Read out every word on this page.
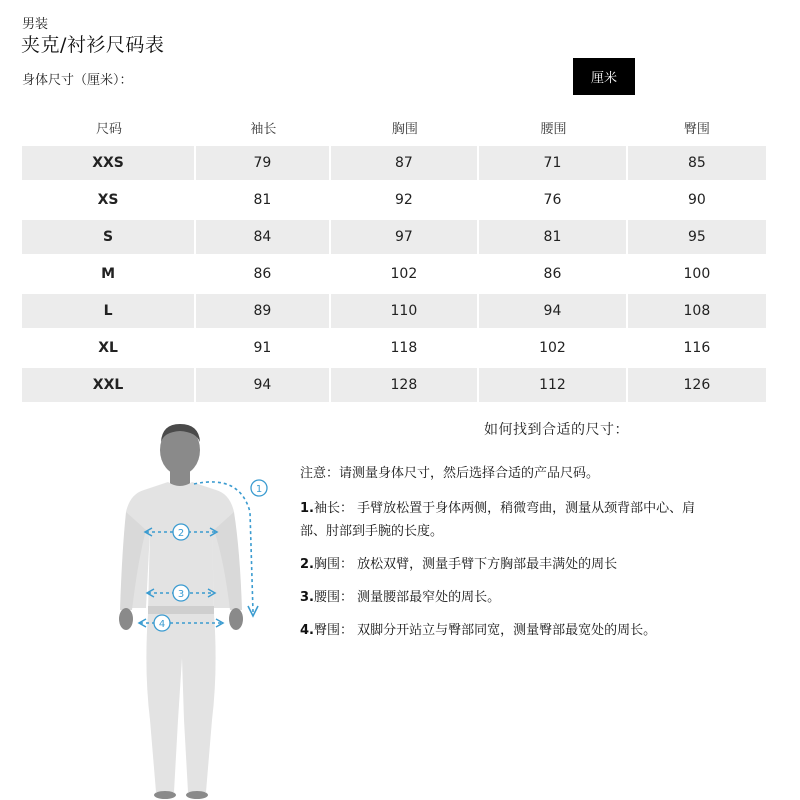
男装
夹克/衬衫尺码表
身体尺寸（厘米）：	厘米
尺码	袖长	胸围	腰围	臀围
XXS	79	87	71	85
XS	81	92	76	90
S	84	97	81	95
M	86	102	86	100
L	89	110	94	108
XL	91	118	102	116
XXL	94	128	112	126
如何找到合适的尺寸：
1
2
3
4

注意：请测量身体尺寸，然后选择合适的产品尺码。

1.袖长： 手臂放松置于身体两侧，稍微弯曲，测量从颈背部中心、肩部、肘部到手腕的长度。

2.胸围： 放松双臂，测量手臂下方胸部最丰满处的周长

3.腰围： 测量腰部最窄处的周长。

4.臀围： 双脚分开站立与臀部同宽，测量臀部最宽处的周长。
